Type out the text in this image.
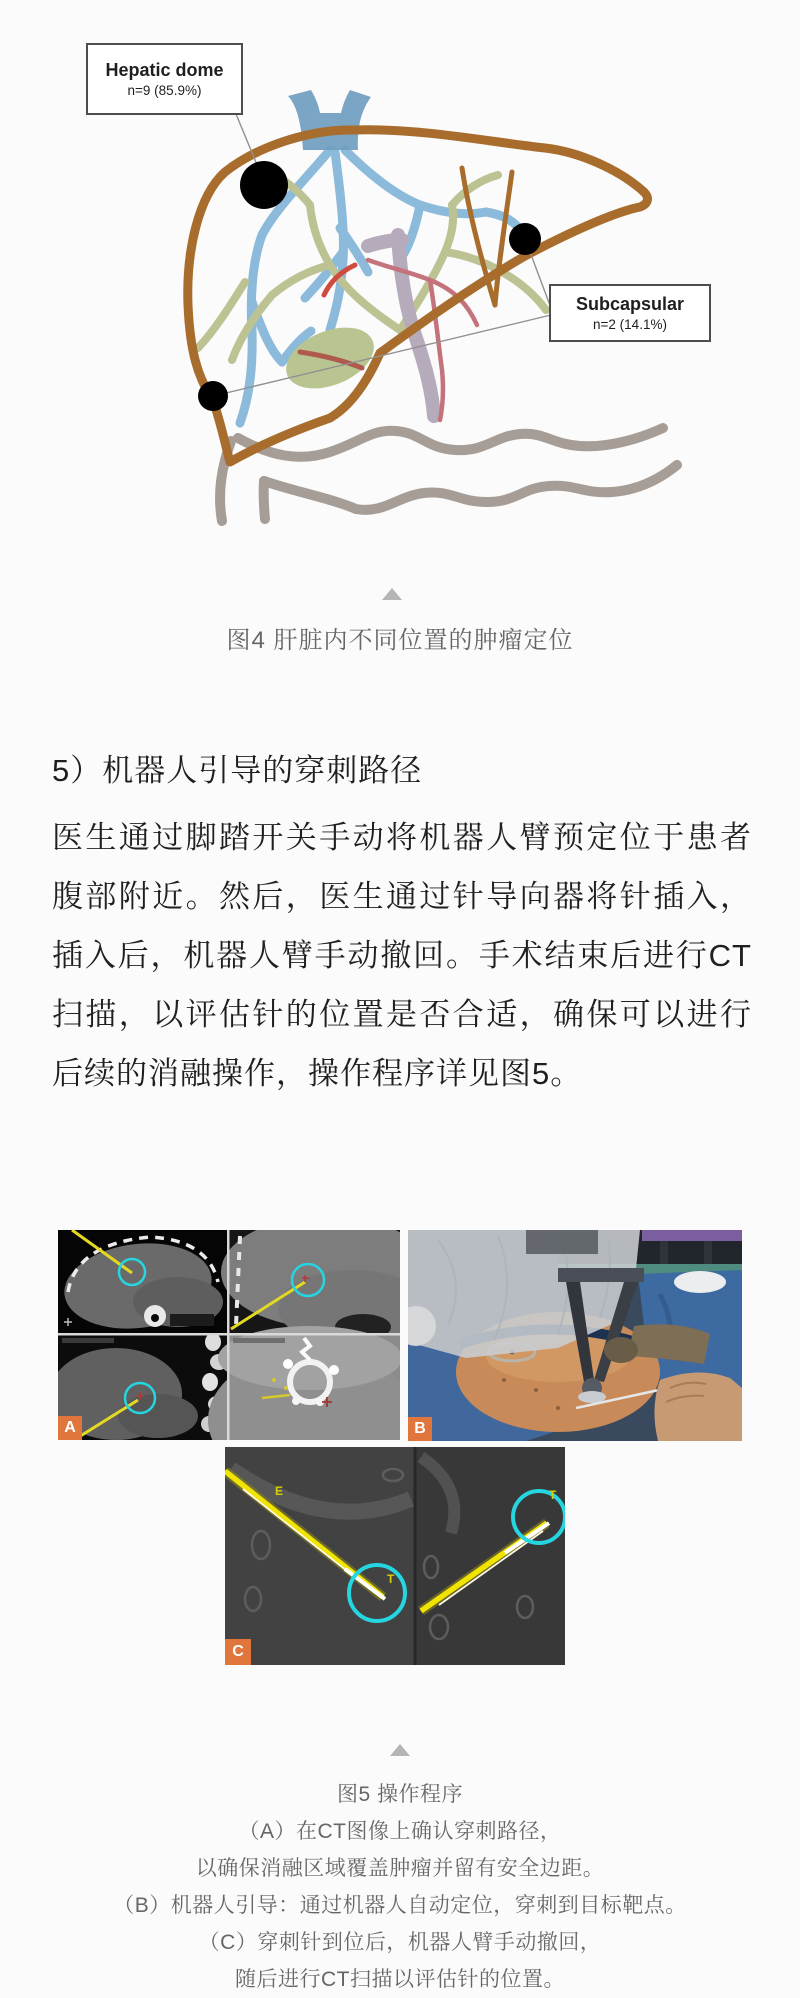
Hepatic dome
n=9 (85.9%)
Subcapsular
n=2 (14.1%)
图4 肝脏内不同位置的肿瘤定位
5）机器人引导的穿刺路径
医生通过脚踏开关手动将机器人臂预定位于患者腹部附近。然后，医生通过针导向器将针插入，插入后，机器人臂手动撤回。手术结束后进行CT扫描，以评估针的位置是否合适，确保可以进行后续的消融操作，操作程序详见图5。
A	B
E
T
T
C
图5 操作程序
（A）在CT图像上确认穿刺路径，
以确保消融区域覆盖肿瘤并留有安全边距。
（B）机器人引导：通过机器人自动定位，穿刺到目标靶点。
（C）穿刺针到位后，机器人臂手动撤回，
随后进行CT扫描以评估针的位置。
